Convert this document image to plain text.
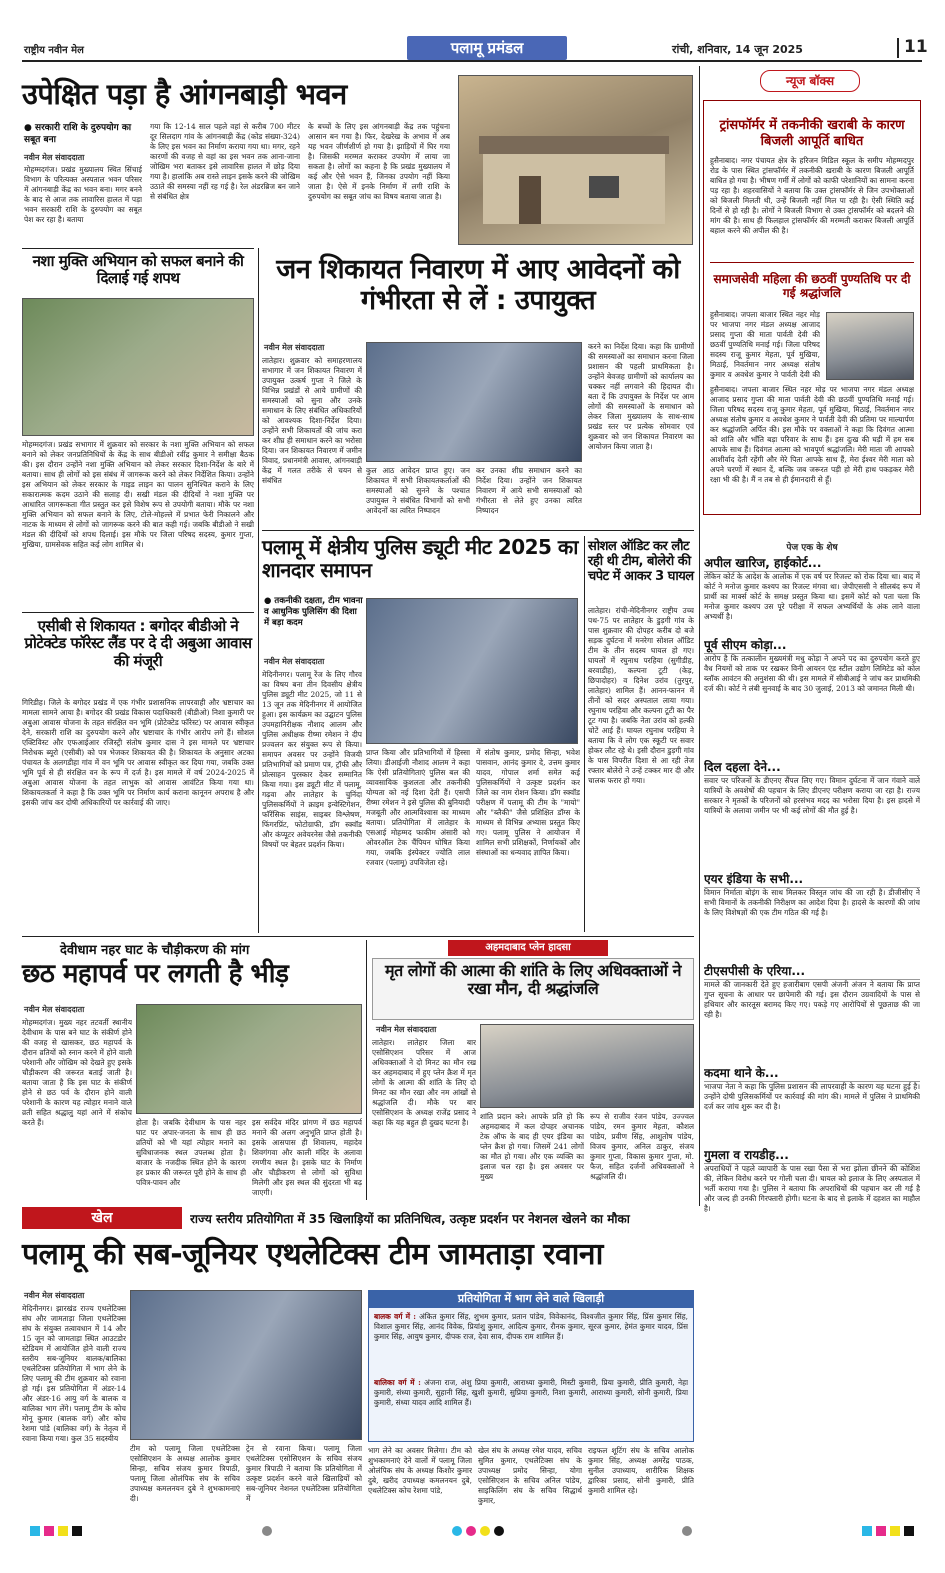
राष्ट्रीय नवीन मेल	पलामू प्रमंडल	रांची, शनिवार, 14 जून 2025	11
उपेक्षित पड़ा है आंगनबाड़ी भवन
● सरकारी राशि के दुरुपयोग का सबूत बना
नवीन मेल संवाददाता
मोहम्मदगंज। प्रखंड मुख्यालय स्थित सिंचाई विभाग के परित्यक्त अस्पताल भवन परिसर में आंगनबाड़ी केंद्र का भवन बना। मगर बनने के बाद से आज तक लावारिस हालत में पड़ा भवन सरकारी राशि के दुरुपयोग का सबूत पेश कर रहा है। बताया
गया कि 12-14 साल पहले वहां से करीब 700 मीटर दूर सिलदाग गांव के आंगनबाड़ी केंद्र (कोड संख्या-324) के लिए इस भवन का निर्माण कराया गया था। मगर, रहने कारणों की वजह से वहां का इस भवन तक आना-जाना जोखिम भरा बताकर इसे लावारिस हालत में छोड़ दिया गया है। हालांकि अब रास्ते लाइन इसके करने की जोखिम उठाते की समस्या नहीं रह गई है। रेल अंडरब्रिज बन जाने से संबंधित क्षेत्र
के बच्चों के लिए इस आंगनबाड़ी केंद्र तक पहुंचना आसान बन गया है। फिर, देखरेख के अभाव में अब यह भवन जीर्णशीर्ण हो गया है। झाड़ियों में घिर गया है। जिसकी मरम्मत कराकर उपयोग में लाया जा सकता है। लोगों का कहना है कि प्रखंड मुख्यालय में कई और ऐसे भवन हैं, जिनका उपयोग नहीं किया जाता है। ऐसे में इनके निर्माण में लगी राशि के दुरुपयोग का सबूत जांच का विषय बताया जाता है।
न्यूज बॉक्स
ट्रांसफॉर्मर में तकनीकी खराबी के कारण बिजली आपूर्ति बाधित
हुसैनाबाद। नगर पंचायत क्षेत्र के हरिजन मिडिल स्कूल के समीप मोहम्मदपुर रोड के पास स्थित ट्रांसफॉर्मर में तकनीकी खराबी के कारण बिजली आपूर्ति बाधित हो गया है। भीषण गर्मी में लोगों को काफी परेशानियों का सामना करना पड़ रहा है। शहरवासियों ने बताया कि उक्त ट्रांसफॉर्मर से जिन उपभोक्ताओं को बिजली मिलती थी, उन्हें बिजली नहीं मिल पा रही है। ऐसी स्थिति कई दिनों से हो रही है। लोगों ने बिजली विभाग से उक्त ट्रांसफॉर्मर को बदलने की मांग की है। साथ ही फिलहाल ट्रांसफॉर्मर की मरम्मती कराकर बिजली आपूर्ति बहाल करने की अपील की है।
समाजसेवी महिला की छठवीं पुण्यतिथि पर दी गई श्रद्धांजलि
हुसैनाबाद। जपला बाजार स्थित नहर मोड़ पर भाजपा नगर मंडल अध्यक्ष आजाद प्रसाद गुप्ता की माता पार्वती देवी की छठवीं पुण्यतिथि मनाई गई। जिला परिषद सदस्य राजू कुमार मेहता, पूर्व मुखिया, मिठाई, निवर्तमान नगर अध्यक्ष संतोष कुमार व अवधेश कुमार ने पार्वती देवी की
हुसैनाबाद। जपला बाजार स्थित नहर मोड़ पर भाजपा नगर मंडल अध्यक्ष आजाद प्रसाद गुप्ता की माता पार्वती देवी की छठवीं पुण्यतिथि मनाई गई। जिला परिषद सदस्य राजू कुमार मेहता, पूर्व मुखिया, मिठाई, निवर्तमान नगर अध्यक्ष संतोष कुमार व अवधेश कुमार ने पार्वती देवी की प्रतिमा पर माल्यार्पण कर श्रद्धांजलि अर्पित की। इस मौके पर वक्ताओं ने कहा कि दिवंगत आत्मा को शांति और भाँति बड़ा परिवार के साथ हैं। इस दुःख की घड़ी में हम सब आपके साथ हैं। दिवंगत आत्मा को भावपूर्ण श्रद्धांजलि। मेरी माता जी आपको आशीर्वाद देती रहेंगी और मेरे पिता आपके साथ हैं, मेरा ईश्वर मेरी माता को अपने चरणों में स्थान दें, बल्कि जब जरूरत पड़ी हो मेरी हाथ पकड़कर मेरी रक्षा भी की है। मैं न तब से ही ईमानदारी से हूँ।
नशा मुक्ति अभियान को सफल बनाने की दिलाई गई शपथ
मोहम्मदगंज। प्रखंड सभागार में शुक्रवार को सरकार के नशा मुक्ति अभियान को सफल बनाने को लेकर जनप्रतिनिधियों के केंद्र के साथ बीडीओ रवींद्र कुमार ने समीक्षा बैठक की। इस दौरान उन्होंने नशा मुक्ति अभियान को लेकर सरकार दिशा-निर्देश के बारे में बताया। साथ ही लोगों को इस संबंध में जागरूक करने को लेकर निर्देशित किया। उन्होंने इस अभियान को लेकर सरकार के गाइड लाइन का पालन सुनिश्चित कराने के लिए सकारात्मक कदम उठाने की सलाह दी। सखी मंडल की दीदियों ने नशा मुक्ति पर आधारित जागरूकता गीत प्रस्तुत कर इसे विशेष रूप से उपयोगी बताया। मौके पर नशा मुक्ति अभियान को सफल बनाने के लिए, टोले-मोहल्ले में प्रभात फेरी निकालने और नाटक के माध्यम से लोगों को जागरूक करने की बात कही गई। जबकि बीडीओ ने सखी मंडल की दीदियों को शपथ दिलाई। इस मौके पर जिला परिषद सदस्य, कुमार गुप्ता, मुखिया, ग्रामसेवक सहित कई लोग शामिल थे।
एसीबी से शिकायत : बगोदर बीडीओ ने प्रोटेक्टेड फॉरेस्ट लैंड पर दे दी अबुआ आवास की मंजूरी
गिरिडीह। जिले के बगोदर प्रखंड में एक गंभीर प्रशासनिक लापरवाही और भ्रष्टाचार का मामला सामने आया है। बगोदर की प्रखंड विकास पदाधिकारी (बीडीओ) निशा कुमारी पर अबुआ आवास योजना के तहत संरक्षित वन भूमि (प्रोटेक्टेड फॉरेस्ट) पर आवास स्वीकृत देने, सरकारी राशि का दुरुपयोग करने और भ्रष्टाचार के गंभीर आरोप लगे हैं। सोशल एक्टिविस्ट और एफआईआर रजिस्ट्री संतोष कुमार दास ने इस मामले पर भ्रष्टाचार निरोधक ब्यूरो (एसीबी) को पत्र भेजकर शिकायत की है। शिकायत के अनुसार अटका पंचायत के अलगडीहा गांव में वन भूमि पर आवास स्वीकृत कर दिया गया, जबकि उक्त भूमि पूर्व से ही संरक्षित वन के रूप में दर्ज है। इस मामले में वर्ष 2024-2025 में अबुआ आवास योजना के तहत लाभुक को आवास आवंटित किया गया था। शिकायतकर्ता ने कहा है कि उक्त भूमि पर निर्माण कार्य कराना कानूनन अपराध है और इसकी जांच कर दोषी अधिकारियों पर कार्रवाई की जाए।
जन शिकायत निवारण में आए आवेदनों को गंभीरता से लें : उपायुक्त
नवीन मेल संवाददाता
लातेहार। शुक्रवार को समाहरणालय सभागार में जन शिकायत निवारण में उपायुक्त उत्कर्ष गुप्ता ने जिले के विभिन्न प्रखंडों से आये ग्रामीणों की समस्याओं को सुना और उनके समाधान के लिए संबंधित अधिकारियों को आवश्यक दिशा-निर्देश दिया। उन्होंने सभी शिकायतों की जांच करा कर शीघ्र ही समाधान करने का भरोसा दिया। जन शिकायत निवारण में जमीन विवाद, प्रधानमंत्री आवास, आंगनबाड़ी केंद्र में गलत तरीके से चयन से संबंधित
कुल आठ आवेदन प्राप्त हुए। जन शिकायत में सभी शिकायतकर्ताओं की समस्याओं को सुनने के पश्चात उपायुक्त ने संबंधित विभागों को सभी आवेदनों का त्वरित निष्पादन
कर उनका शीघ्र समाधान करने का निर्देश दिया। उन्होंने जन शिकायत निवारण में आये सभी समस्याओं को गंभीरता से लेते हुए उनका त्वरित निष्पादन
करने का निर्देश दिया। कहा कि ग्रामीणों की समस्याओं का समाधान करना जिला प्रशासन की पहली प्राथमिकता है। उन्होंने बेवजह ग्रामीणों को कार्यालय का चक्कर नहीं लगवाने की हिदायत दी। बता दें कि उपायुक्त के निर्देश पर आम लोगों की समस्याओं के समाधान को लेकर जिला मुख्यालय के साथ-साथ प्रखंड स्तर पर प्रत्येक सोमवार एवं शुक्रवार को जन शिकायत निवारण का आयोजन किया जाता है।
पलामू में क्षेत्रीय पुलिस ड्यूटी मीट 2025 का शानदार समापन
● तकनीकी दक्षता, टीम भावना व आधुनिक पुलिसिंग की दिशा में बड़ा कदम
नवीन मेल संवाददाता
मेदिनीनगर। पलामू रेंज के लिए गौरव का विषय बना तीन दिवसीय क्षेत्रीय पुलिस ड्यूटी मीट 2025, जो 11 से 13 जून तक मेदिनीनगर में आयोजित हुआ। इस कार्यक्रम का उद्घाटन पुलिस उपमहानिरीक्षक नौशाद आलम और पुलिस अधीक्षक रीष्मा रमेशन ने दीप प्रज्वलन कर संयुक्त रूप से किया। समापन अवसर पर उन्होंने विजयी प्रतिभागियों को प्रमाण पत्र, ट्रॉफी और प्रोत्साहन पुरस्कार देकर सम्मानित किया गया। इस ड्यूटी मीट में पलामू, गढ़वा और लातेहार के चुनिंदा पुलिसकर्मियों ने क्राइम इन्वेस्टिगेशन, फॉरेंसिक साइंस, साइबर विश्लेषण, फिंगरप्रिंट, फोटोग्राफी, डॉग स्क्वॉड और कंप्यूटर अवेयरनेस जैसे तकनीकी विषयों पर बेहतर प्रदर्शन किया।
प्राप्त किया और प्रतिभागियों में हिस्सा लिया। डीआईजी नौशाद आलम ने कहा कि ऐसी प्रतियोगिताएं पुलिस बल की व्यावसायिक कुशलता और तकनीकी योग्यता को नई दिशा देती हैं। एसपी रीष्मा रमेशन ने इसे पुलिस की बुनियादी मजबूती और आत्मविश्वास का माध्यम बताया। प्रतियोगिता में लातेहार के एसआई मोहम्मद फाकीम अंसारी को ओवरऑल टेक चैंपियन घोषित किया गया, जबकि इंस्पेक्टर ज्योति लाल रजवार (पलामू) उपविजेता रहे।
में संतोष कुमार, प्रमोद सिन्हा, भवेश पासवान, आनंद कुमार दे, उत्तम कुमार यादव, गोपाल शर्मा समेत कई पुलिसकर्मियों ने उत्कृष्ट प्रदर्शन कर जिले का नाम रोशन किया। डॉग स्क्वॉड परीक्षण में पलामू की टीम के "मायो" और "ब्लैकी" जैसे प्रशिक्षित डॉग्स के माध्यम से विभिन्न अभ्यास प्रस्तुत किए गए। पलामू पुलिस ने आयोजन में शामिल सभी प्रशिक्षकों, निर्णायकों और संस्थाओं का धन्यवाद ज्ञापित किया।
सोशल ऑडिट कर लौट रही थी टीम, बोलेरो की चपेट में आकर 3 घायल
लातेहार। रांची-मेदिनीनगर राष्ट्रीय उच्च पथ-75 पर लातेहार के डुड़गी गांव के पास शुक्रवार की दोपहर करीब दो बजे सड़क दुर्घटना में मनरेगा सोशल ऑडिट टीम के तीन सदस्य घायल हो गए। घायलों में रघुनाथ परहिया (सुगीडीह, बरवाडीह), कल्पना टूटी (केड़, छिपादोहर) व दिनेश उरांव (तुरपुर, लातेहार) शामिल हैं। आनन-फानन में तीनों को सदर अस्पताल लाया गया। रघुनाथ परहिया और कल्पना टूटी का पैर टूट गया है। जबकि नेता उरांव को हल्की चोटें आई हैं। घायल रघुनाथ परहिया ने बताया कि वे लोग एक स्कूटी पर सवार होकर लौट रहे थे। इसी दौरान डुड़गी गांव के पास विपरीत दिशा से आ रही तेज रफ्तार बोलेरो ने उन्हें टक्कर मार दी और चालक फरार हो गया।
पेज एक के शेष
अपील खारिज, हाईकोर्ट...
लेकिन कोर्ट के आदेश के आलोक में एक वर्ष पर रिजल्ट को रोक दिया था। बाद में कोर्ट ने मनोज कुमार कश्यप का रिजल्ट मंगवा था। जेपीएससी ने सीलबंद रूप में प्रार्थी का मार्क्स कोर्ट के समक्ष प्रस्तुत किया था। इसमें कोर्ट को पता चला कि मनोज कुमार कश्यप उस पूरे परीक्षा में सफल अभ्यर्थियों के अंक लाने वाला अभ्यर्थी है।
पूर्व सीएम कोड़ा...
आरोप है कि तत्कालीन मुख्यमंत्री मधु कोड़ा ने अपने पद का दुरुपयोग करते हुए वैध नियमों को ताक पर रखकर विनी आयरन एंड स्टील उद्योग लिमिटेड को कोल ब्लॉक आवंटन की अनुशंसा की थी। इस मामले में सीबीआई ने जांच कर प्राथमिकी दर्ज की। कोर्ट ने लंबी सुनवाई के बाद 30 जुलाई, 2013 को जमानत मिली थी।
दिल दहला देने...
सवार पर परिजनों के डीएनए सैंपल लिए गए। विमान दुर्घटना में जान गंवाने वाले यात्रियों के अवशेषों की पहचान के लिए डीएनए परीक्षण कराया जा रहा है। राज्य सरकार ने मृतकों के परिजनों को हरसंभव मदद का भरोसा दिया है। इस हादसे में यात्रियों के अलावा जमीन पर भी कई लोगों की मौत हुई है।
एयर इंडिया के सभी...
विमान निर्माता बोइंग के साथ मिलकर विस्तृत जांच की जा रही है। डीजीसीए ने सभी विमानों के तकनीकी निरीक्षण का आदेश दिया है। हादसे के कारणों की जांच के लिए विशेषज्ञों की एक टीम गठित की गई है।
टीएसपीसी के एरिया...
मामले की जानकारी देते हुए हजारीबाग एसपी अंजनी अंजन ने बताया कि प्राप्त गुप्त सूचना के आधार पर छापेमारी की गई। इस दौरान उग्रवादियों के पास से हथियार और कारतूस बरामद किए गए। पकड़े गए आरोपियों से पूछताछ की जा रही है।
कदमा थाने के...
भाजपा नेता ने कहा कि पुलिस प्रशासन की लापरवाही के कारण यह घटना हुई है। उन्होंने दोषी पुलिसकर्मियों पर कार्रवाई की मांग की। मामले में पुलिस ने प्राथमिकी दर्ज कर जांच शुरू कर दी है।
गुमला व रायडीह...
अपराधियों ने पहले व्यापारी के पास रखा पैसा से भरा झोला छीनने की कोशिश की, लेकिन विरोध करने पर गोली चला दी। घायल को इलाज के लिए अस्पताल में भर्ती कराया गया है। पुलिस ने बताया कि अपराधियों की पहचान कर ली गई है और जल्द ही उनकी गिरफ्तारी होगी। घटना के बाद से इलाके में दहशत का माहौल है।
देवीधाम नहर घाट के चौड़ीकरण की मांग
छठ महापर्व पर लगती है भीड़
नवीन मेल संवाददाता
मोहम्मदगंज। मुख्य नहर तटवर्ती स्थानीय देवीधाम के पास बने घाट के संकीर्ण होने की वजह से खासकर, छठ महापर्व के दौरान व्रतियों को स्नान करने में होने वाली परेशानी और जोखिम को देखते हुए इसके चौड़ीकरण की जरूरत बताई जाती है। बताया जाता है कि इस घाट के संकीर्ण होने से छठ पर्व के दौरान होने वाली परेशानी के कारण यह त्योहार मनाने वाले व्रती सहित श्रद्धालु यहां आने में संकोच करते हैं।	होता है। जबकि देवीधाम के पास नहर घाट पर अपार-जनता के साथ ही छठ व्रतियों को भी यहां त्योहार मनाने का सुविधाजनक स्थल उपलब्ध होता है। बाजार के नजदीक स्थित होने के कारण हर प्रकार की जरूरत पूरी होने के साथ ही पवित्र-पावन और
इस सर्वदेव मंदिर प्रांगण में छठ महापर्व मनाने की अलग अनुभूति प्राप्त होती है। इसके आसपास ही शिवालय, महादेव शिवगंगवा और काली मंदिर के अलावा रमणीय स्थल है। इसके घाट के निर्माण और चौड़ीकरण से लोगों को सुविधा मिलेगी और इस स्थल की सुंदरता भी बढ़ जाएगी।
अहमदाबाद प्लेन हादसा
मृत लोगों की आत्मा की शांति के लिए अधिवक्ताओं ने रखा मौन, दी श्रद्धांजलि
नवीन मेल संवाददाता
लातेहार। लातेहार जिला बार एसोसिएशन परिसर में आज अधिवक्ताओं ने दो मिनट का मौन रख कर अहमदाबाद में हुए प्लेन क्रैश में मृत लोगों के आत्मा की शांति के लिए दो मिनट का मौन रखा और नम आंखों से श्रद्धांजलि दी। मौके पर बार एसोसिएशन के अध्यक्ष राजेंद्र प्रसाद ने कहा कि यह बहुत ही दुखद घटना है।
शांति प्रदान करे। आपके प्रति हो कि अहमदाबाद में कल दोपहर अचानक टेक ऑफ के बाद ही एयर इंडिया का प्लेन क्रैश हो गया। जिसमें 241 लोगों का मौत हो गया। और एक व्यक्ति का इलाज चल रहा है। इस अवसर पर मुख्य
रूप से राजीव रंजन पांडेय, उज्ज्वल पांडेय, रमन कुमार मेहता, कौशल पांडेय, प्रवीण सिंह, आशुतोष पांडेय, विजय कुमार, अनिल ठाकुर, संजय कुमार गुप्ता, विकास कुमार गुप्ता, मो. फैज, सहित दर्जनों अधिवक्ताओं ने श्रद्धांजलि दी।
खेल	राज्य स्तरीय प्रतियोगिता में 35 खिलाड़ियों का प्रतिनिधित्व, उत्कृष्ट प्रदर्शन पर नेशनल खेलने का मौका
पलामू की सब-जूनियर एथलेटिक्स टीम जामताड़ा रवाना
नवीन मेल संवाददाता
मेदिनीनगर। झारखंड राज्य एथलेटिक्स संघ और जामताड़ा जिला एथलेटिक्स संघ के संयुक्त तत्वावधान में 14 और 15 जून को जामताड़ा स्थित आउटडोर स्टेडियम में आयोजित होने वाली राज्य स्तरीय सब-जूनियर बालक/बालिका एथलेटिक्स प्रतियोगिता में भाग लेने के लिए पलामू की टीम शुक्रवार को रवाना हो गई। इस प्रतियोगिता में अंडर-14 और अंडर-16 आयु वर्ग के बालक व बालिका भाग लेंगे। पलामू टीम के कोच मोनू कुमार (बालक वर्ग) और कोच रेशमा पांडे (बालिका वर्ग) के नेतृत्व में रवाना किया गया। कुल 35 सदस्यीय
टीम को पलामू जिला एथलेटिक्स एसोसिएशन के अध्यक्ष आलोक कुमार सिन्हा, सचिव संजय कुमार त्रिपाठी, पलामू जिला ओलंपिक संघ के सचिव उपाध्यक्ष कमलनयन दुबे ने शुभकामनाएं दी।
ट्रेन से रवाना किया। पलामू जिला एथलेटिक्स एसोसिएशन के सचिव संजय कुमार त्रिपाठी ने बताया कि प्रतियोगिता में उत्कृष्ट प्रदर्शन करने वाले खिलाड़ियों को सब-जूनियर नेशनल एथलेटिक्स प्रतियोगिता में
प्रतियोगिता में भाग लेने वाले खिलाड़ी
बालक वर्ग में : अंकित कुमार सिंह, शुभम कुमार, प्रतान पांडेय, विवेकानंद, विश्वजीत कुमार सिंह, प्रिंस कुमार सिंह, विशाल कुमार सिंह, आनंद विवेक, प्रियांशु कुमार, आदित्य कुमार, रौनक कुमार, सूरज कुमार, हेमंत कुमार यादव, प्रिंस कुमार सिंह, आयुष कुमार, दीपक राज, देवा साव, दीपक राम शामिल हैं।
बालिका वर्ग में : अंजना राज, अंशु प्रिया कुमारी, आराध्या कुमारी, मिस्टी कुमारी, प्रिया कुमारी, प्रीति कुमारी, नेहा कुमारी, संध्या कुमारी, सुहानी सिंह, खुशी कुमारी, सुप्रिया कुमारी, निशा कुमारी, आराध्या कुमारी, सोनी कुमारी, प्रिया कुमारी, संध्या यादव आदि शामिल हैं।
भाग लेने का अवसर मिलेगा। टीम को शुभकामनाएं देने वालों में पलामू जिला ओलंपिक संघ के अध्यक्ष किशोर कुमार दुबे, खरीद उपाध्यक्ष कमलनयन दुबे, एथलेटिक्स कोच रेशमा पांडे,
खेल संघ के अध्यक्ष रमेश यादव, सचिव सुमित कुमार, एथलेटिक्स संघ के उपाध्यक्ष प्रमोद सिन्हा, योगा एसोसिएशन के सचिव अनिल पांडेय, साइकिलिंग संघ के सचिव सिद्धार्थ कुमार,
राइफल शूटिंग संघ के सचिव आलोक कुमार सिंह, अध्यक्ष अमरेंद्र पाठक, सुनील उपाध्याय, शारीरिक शिक्षक द्वारिका प्रसाद, सोनी कुमारी, प्रीति कुमारी शामिल रहे।
